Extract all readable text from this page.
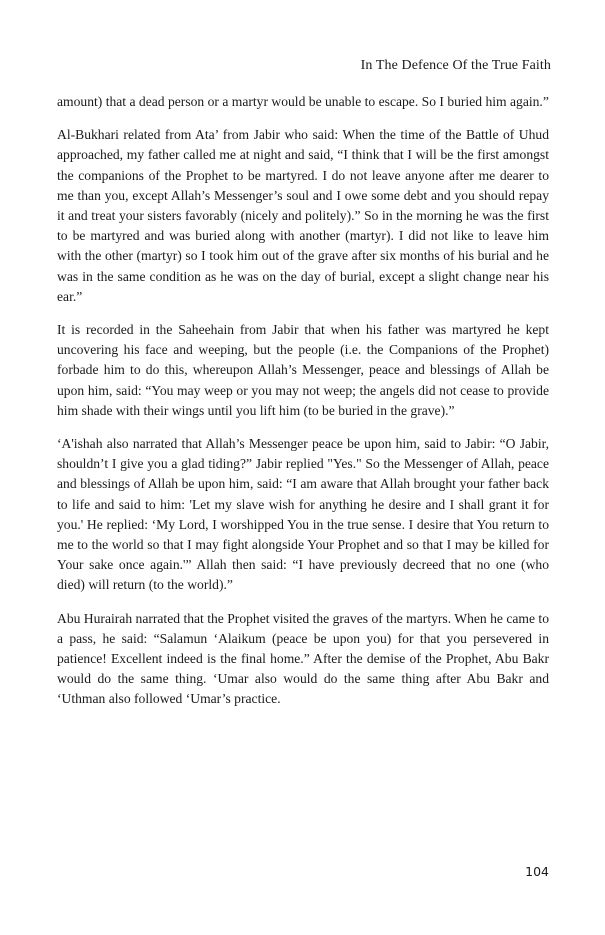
In The Defence Of the True Faith

amount) that a dead person or a martyr would be unable to escape. So I buried him again.”

Al-Bukhari related from Ata’ from Jabir who said: When the time of the Battle of Uhud approached, my father called me at night and said, “I think that I will be the first amongst the companions of the Prophet to be martyred. I do not leave anyone after me dearer to me than you, except Allah’s Messenger’s soul and I owe some debt and you should repay it and treat your sisters favorably (nicely and politely).” So in the morning he was the first to be martyred and was buried along with another (martyr). I did not like to leave him with the other (martyr) so I took him out of the grave after six months of his burial and he was in the same condition as he was on the day of burial, except a slight change near his ear.”

It is recorded in the Saheehain from Jabir that when his father was martyred he kept uncovering his face and weeping, but the people (i.e. the Companions of the Prophet) forbade him to do this, whereupon Allah’s Messenger, peace and blessings of Allah be upon him, said: “You may weep or you may not weep; the angels did not cease to provide him shade with their wings until you lift him (to be buried in the grave).”

‘A'ishah also narrated that Allah’s Messenger peace be upon him, said to Jabir: “O Jabir, shouldn’t I give you a glad tiding?” Jabir replied "Yes." So the Messenger of Allah, peace and blessings of Allah be upon him, said: “I am aware that Allah brought your father back to life and said to him: 'Let my slave wish for anything he desire and I shall grant it for you.' He replied: ‘My Lord, I worshipped You in the true sense. I desire that You return to me to the world so that I may fight alongside Your Prophet and so that I may be killed for Your sake once again.'” Allah then said: “I have previously decreed that no one (who died) will return (to the world).”

Abu Hurairah narrated that the Prophet visited the graves of the martyrs. When he came to a pass, he said: “Salamun ‘Alaikum (peace be upon you) for that you persevered in patience! Excellent indeed is the final home.” After the demise of the Prophet, Abu Bakr would do the same thing. ‘Umar also would do the same thing after Abu Bakr and ‘Uthman also followed ‘Umar’s practice.

104
